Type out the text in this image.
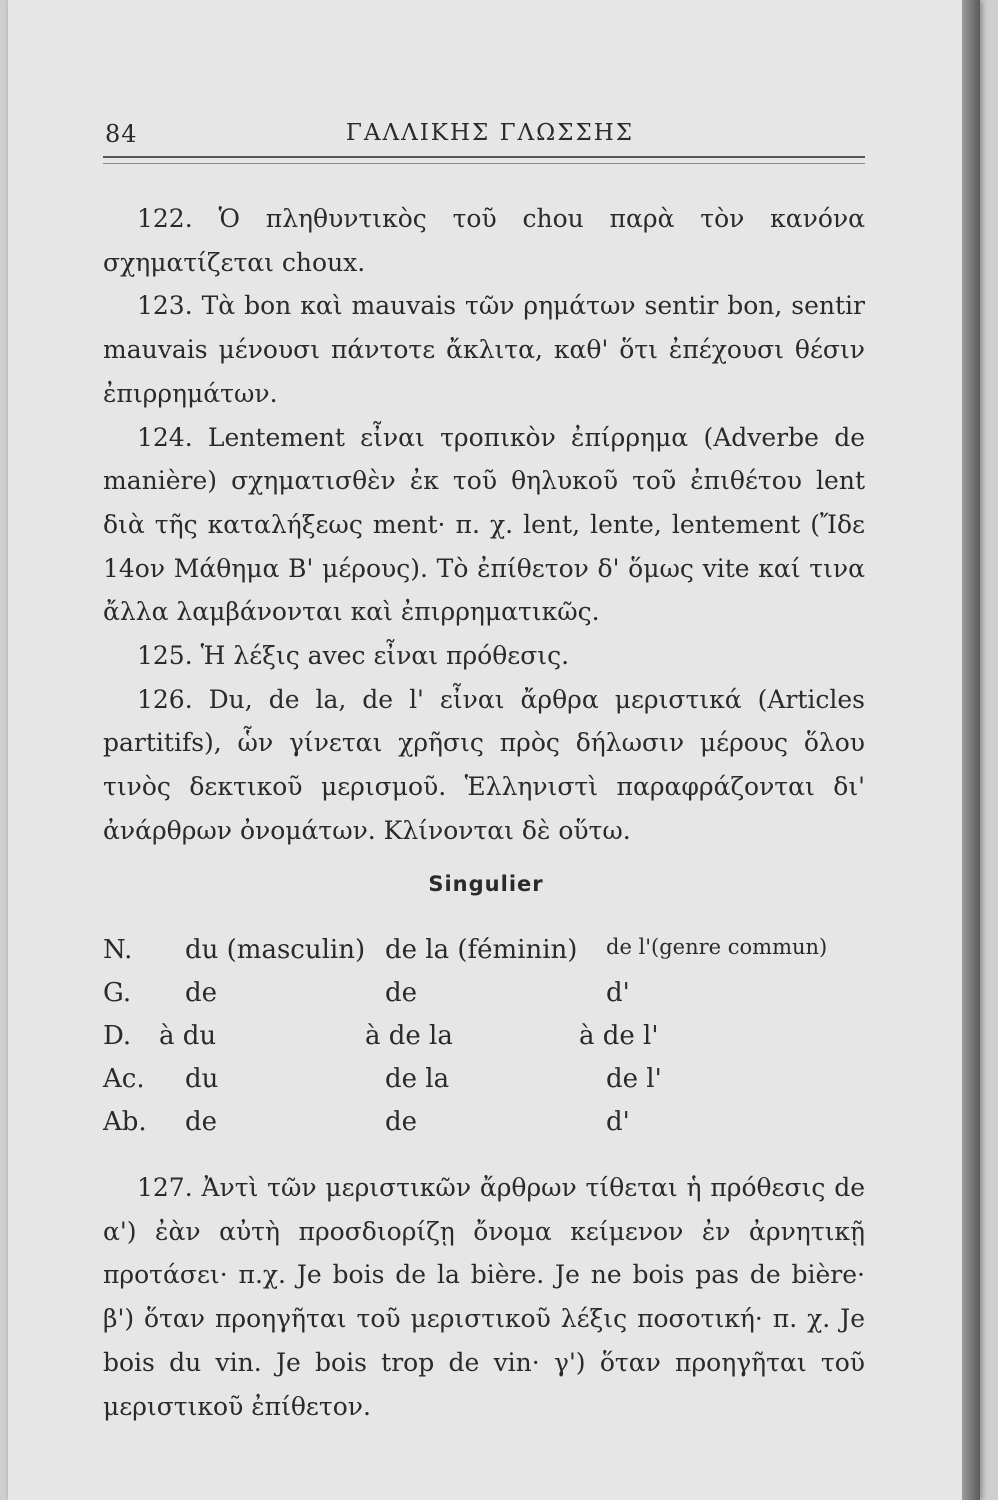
84	ΓΑΛΛΙΚΗΣ ΓΛΩΣΣΗΣ

122. Ὁ πληθυντικὸς τοῦ chou παρὰ τὸν κανόνα σχηματίζεται choux.

123. Τὰ bon καὶ mauvais τῶν ρημάτων sentir bon, sentir mauvais μένουσι πάντοτε ἄκλιτα, καθ' ὅτι ἐπέχουσι θέσιν ἐπιρρημάτων.

124. Lentement εἶναι τροπικὸν ἐπίρρημα (Adverbe de manière) σχηματισθὲν ἐκ τοῦ θηλυκοῦ τοῦ ἐπιθέτου lent διὰ τῆς καταλήξεως ment· π. χ. lent, lente, lentement (Ἴδε 14ον Μάθημα Β' μέρους). Τὸ ἐπίθετον δ' ὅμως vite καί τινα ἄλλα λαμβάνονται καὶ ἐπιρρηματικῶς.

125. Ἡ λέξις avec εἶναι πρόθεσις.

126. Du, de la, de l' εἶναι ἄρθρα μεριστικά (Articles partitifs), ὧν γίνεται χρῆσις πρὸς δήλωσιν μέρους ὅλου τινὸς δεκτικοῦ μερισμοῦ. Ἑλληνιστὶ παραφράζονται δι' ἀνάρθρων ὀνομάτων. Κλίνονται δὲ οὕτω.

Singulier
N. du (masculin) de la (féminin) de l'(genre commun)
G. de	de	d'
D. à du	à de la	à de l'
Ac. du	de la	de l'
Ab. de	de	d'

127. Ἀντὶ τῶν μεριστικῶν ἄρθρων τίθεται ἡ πρόθεσις de α') ἐὰν αὐτὴ προσδιορίζῃ ὄνομα κείμενον ἐν ἀρνητικῇ προτάσει· π.χ. Je bois de la bière. Je ne bois pas de bière· β') ὅταν προηγῆται τοῦ μεριστικοῦ λέξις ποσοτική· π. χ. Je bois du vin. Je bois trop de vin· γ') ὅταν προηγῆται τοῦ μεριστικοῦ ἐπίθετον.
